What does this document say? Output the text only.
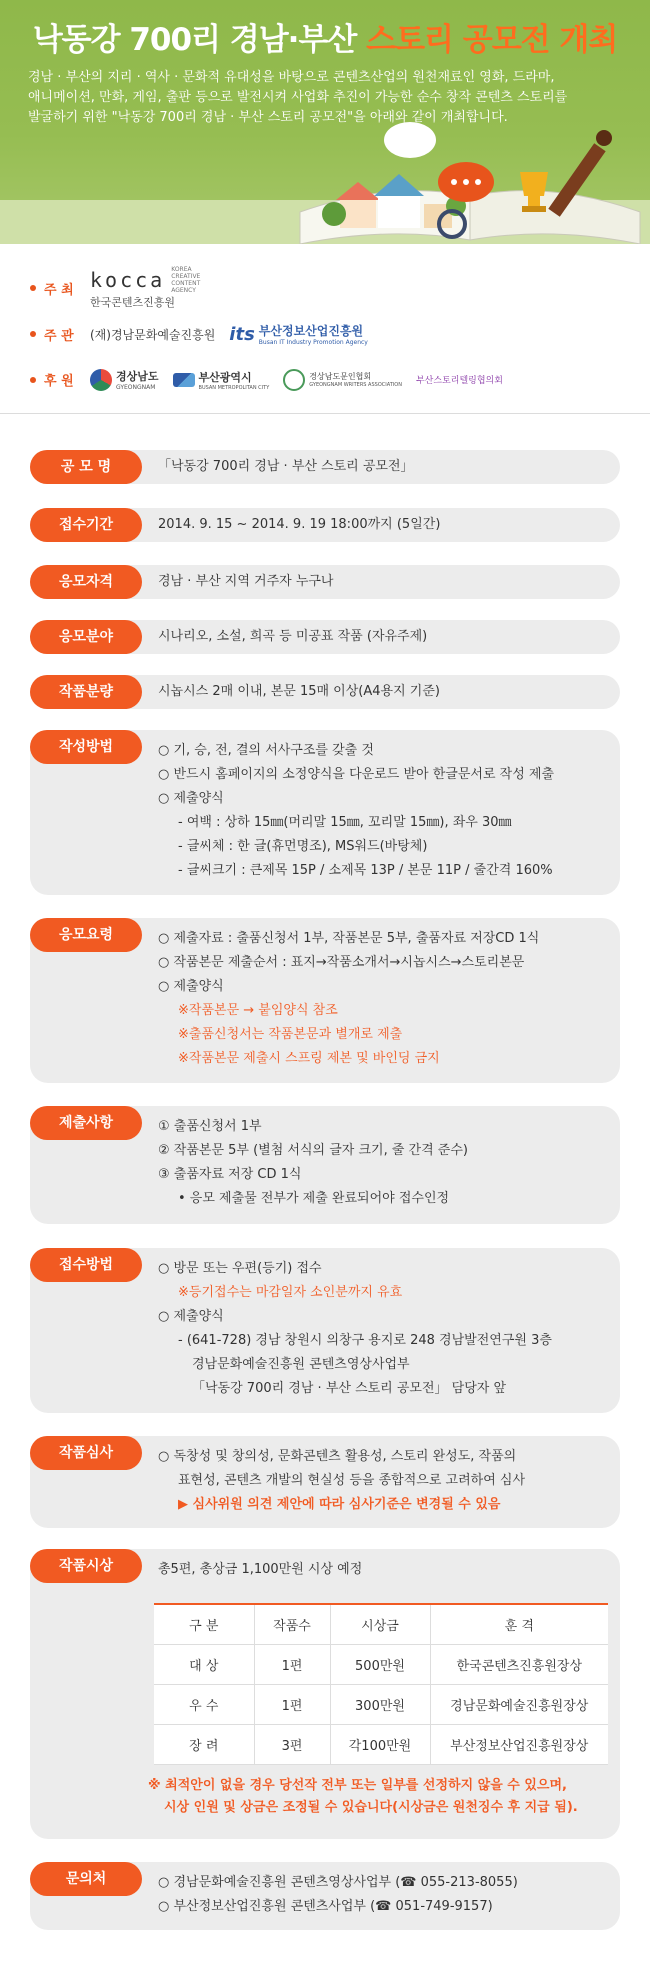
낙동강 700리 경남·부산 스토리 공모전 개최
경남 · 부산의 지리 · 역사 · 문화적 유대성을 바탕으로 콘텐츠산업의 원천재료인 영화, 드라마,
애니메이션, 만화, 게임, 출판 등으로 발전시켜 사업화 추진이 가능한 순수 창작 콘텐츠 스토리를
발굴하기 위한 "낙동강 700리 경남 · 부산 스토리 공모전"을 아래와 같이 개최합니다.
주 최 kocca KOREA CREATIVE CONTENT AGENCY
한국콘텐츠진흥원
주 관 (재)경남문화예술진흥원 its 부산정보산업진흥원
Busan IT Industry Promotion Agency
후 원	경상남도
GYEONGNAM
부산광역시
BUSAN METROPOLITAN CITY
경상남도문인협회
GYEONGNAM WRITERS ASSOCIATION 부산스토리텔링협의회
공 모 명	「낙동강 700리 경남 · 부산 스토리 공모전」
접수기간	2014. 9. 15 ~ 2014. 9. 19 18:00까지 (5일간)
응모자격	경남 · 부산 지역 거주자 누구나
응모분야	시나리오, 소설, 희곡 등 미공표 작품 (자유주제)
작품분량	시놉시스 2매 이내, 본문 15매 이상(A4용지 기준)
작성방법	○ 기, 승, 전, 결의 서사구조를 갖출 것
○ 반드시 홈페이지의 소정양식을 다운로드 받아 한글문서로 작성 제출
○ 제출양식
- 여백 : 상하 15㎜(머리말 15㎜, 꼬리말 15㎜), 좌우 30㎜
- 글씨체 : 한 글(휴먼명조), MS워드(바탕체)
- 글씨크기 : 큰제목 15P / 소제목 13P / 본문 11P / 줄간격 160%
응모요령	○ 제출자료 : 출품신청서 1부, 작품본문 5부, 출품자료 저장CD 1식
○ 작품본문 제출순서 : 표지→작품소개서→시놉시스→스토리본문
○ 제출양식
※작품본문 → 붙임양식 참조
※출품신청서는 작품본문과 별개로 제출
※작품본문 제출시 스프링 제본 및 바인딩 금지
제출사항	① 출품신청서 1부
② 작품본문 5부 (별첨 서식의 글자 크기, 줄 간격 준수)
③ 출품자료 저장 CD 1식
• 응모 제출물 전부가 제출 완료되어야 접수인정
접수방법	○ 방문 또는 우편(등기) 접수
※등기접수는 마감일자 소인분까지 유효
○ 제출양식
- (641-728) 경남 창원시 의창구 용지로 248 경남발전연구원 3층
경남문화예술진흥원 콘텐츠영상사업부
「낙동강 700리 경남 · 부산 스토리 공모전」 담당자 앞
작품심사	○ 독창성 및 창의성, 문화콘텐츠 활용성, 스토리 완성도, 작품의
표현성, 콘텐츠 개발의 현실성 등을 종합적으로 고려하여 심사
▶ 심사위원 의견 제안에 따라 심사기준은 변경될 수 있음
작품시상	총5편, 총상금 1,100만원 시상 예정
구 분	작품수	시상금	훈 격
대 상	1편	500만원	한국콘텐츠진흥원장상
우 수	1편	300만원	경남문화예술진흥원장상
장 려	3편	각100만원	부산정보산업진흥원장상
※ 최적안이 없을 경우 당선작 전부 또는 일부를 선정하지 않을 수 있으며,
시상 인원 및 상금은 조정될 수 있습니다(시상금은 원천징수 후 지급 됨).
문의처	○ 경남문화예술진흥원 콘텐츠영상사업부 (☎ 055-213-8055)
○ 부산정보산업진흥원 콘텐츠사업부 (☎ 051-749-9157)
